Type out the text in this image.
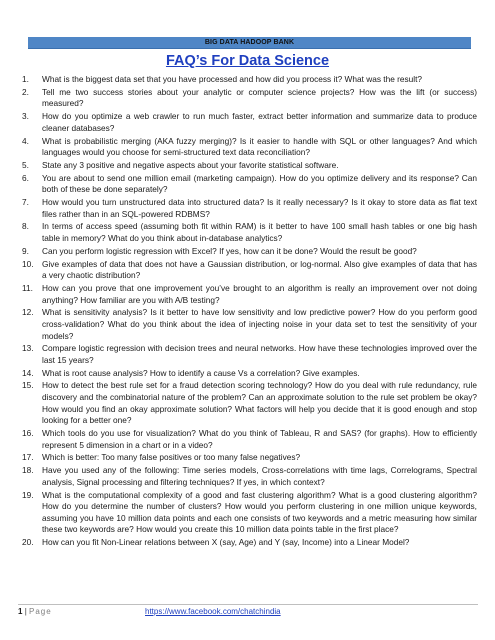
BIG DATA HADOOP BANK
FAQ’s For Data Science
1.	What is the biggest data set that you have processed and how did you process it? What was the result?
2.	Tell me two success stories about your analytic or computer science projects? How was the lift (or success) measured?
3.	How do you optimize a web crawler to run much faster, extract better information and summarize data to produce cleaner databases?
4.	What is probabilistic merging (AKA fuzzy merging)? Is it easier to handle with SQL or other languages? And which languages would you choose for semi-structured text data reconciliation?
5.	State any 3 positive and negative aspects about your favorite statistical software.
6.	You are about to send one million email (marketing campaign). How do you optimize delivery and its response? Can both of these be done separately?
7.	How would you turn unstructured data into structured data? Is it really necessary? Is it okay to store data as flat text files rather than in an SQL-powered RDBMS?
8.	In terms of access speed (assuming both fit within RAM) is it better to have 100 small hash tables or one big hash table in memory? What do you think about in-database analytics?
9.	Can you perform logistic regression with Excel? If yes, how can it be done? Would the result be good?
10.	Give examples of data that does not have a Gaussian distribution, or log-normal. Also give examples of data that has a very chaotic distribution?
11.	How can you prove that one improvement you’ve brought to an algorithm is really an improvement over not doing anything? How familiar are you with A/B testing?
12.	What is sensitivity analysis? Is it better to have low sensitivity and low predictive power? How do you perform good cross-validation? What do you think about the idea of injecting noise in your data set to test the sensitivity of your models?
13.	Compare logistic regression with decision trees and neural networks. How have these technologies improved over the last 15 years?
14.	What is root cause analysis? How to identify a cause Vs a correlation? Give examples.
15.	How to detect the best rule set for a fraud detection scoring technology? How do you deal with rule redundancy, rule discovery and the combinatorial nature of the problem? Can an approximate solution to the rule set problem be okay? How would you find an okay approximate solution? What factors will help you decide that it is good enough and stop looking for a better one?
16.	Which tools do you use for visualization? What do you think of Tableau, R and SAS? (for graphs). How to efficiently represent 5 dimension in a chart or in a video?
17.	Which is better: Too many false positives or too many false negatives?
18.	Have you used any of the following: Time series models, Cross-correlations with time lags, Correlograms, Spectral analysis, Signal processing and filtering techniques? If yes, in which context?
19.	What is the computational complexity of a good and fast clustering algorithm? What is a good clustering algorithm? How do you determine the number of clusters? How would you perform clustering in one million unique keywords, assuming you have 10 million data points and each one consists of two keywords and a metric measuring how similar these two keywords are? How would you create this 10 million data points table in the first place?
20.	How can you fit Non-Linear relations between X (say, Age) and Y (say, Income) into a Linear Model?
1 | Page	https://www.facebook.com/chatchindia
